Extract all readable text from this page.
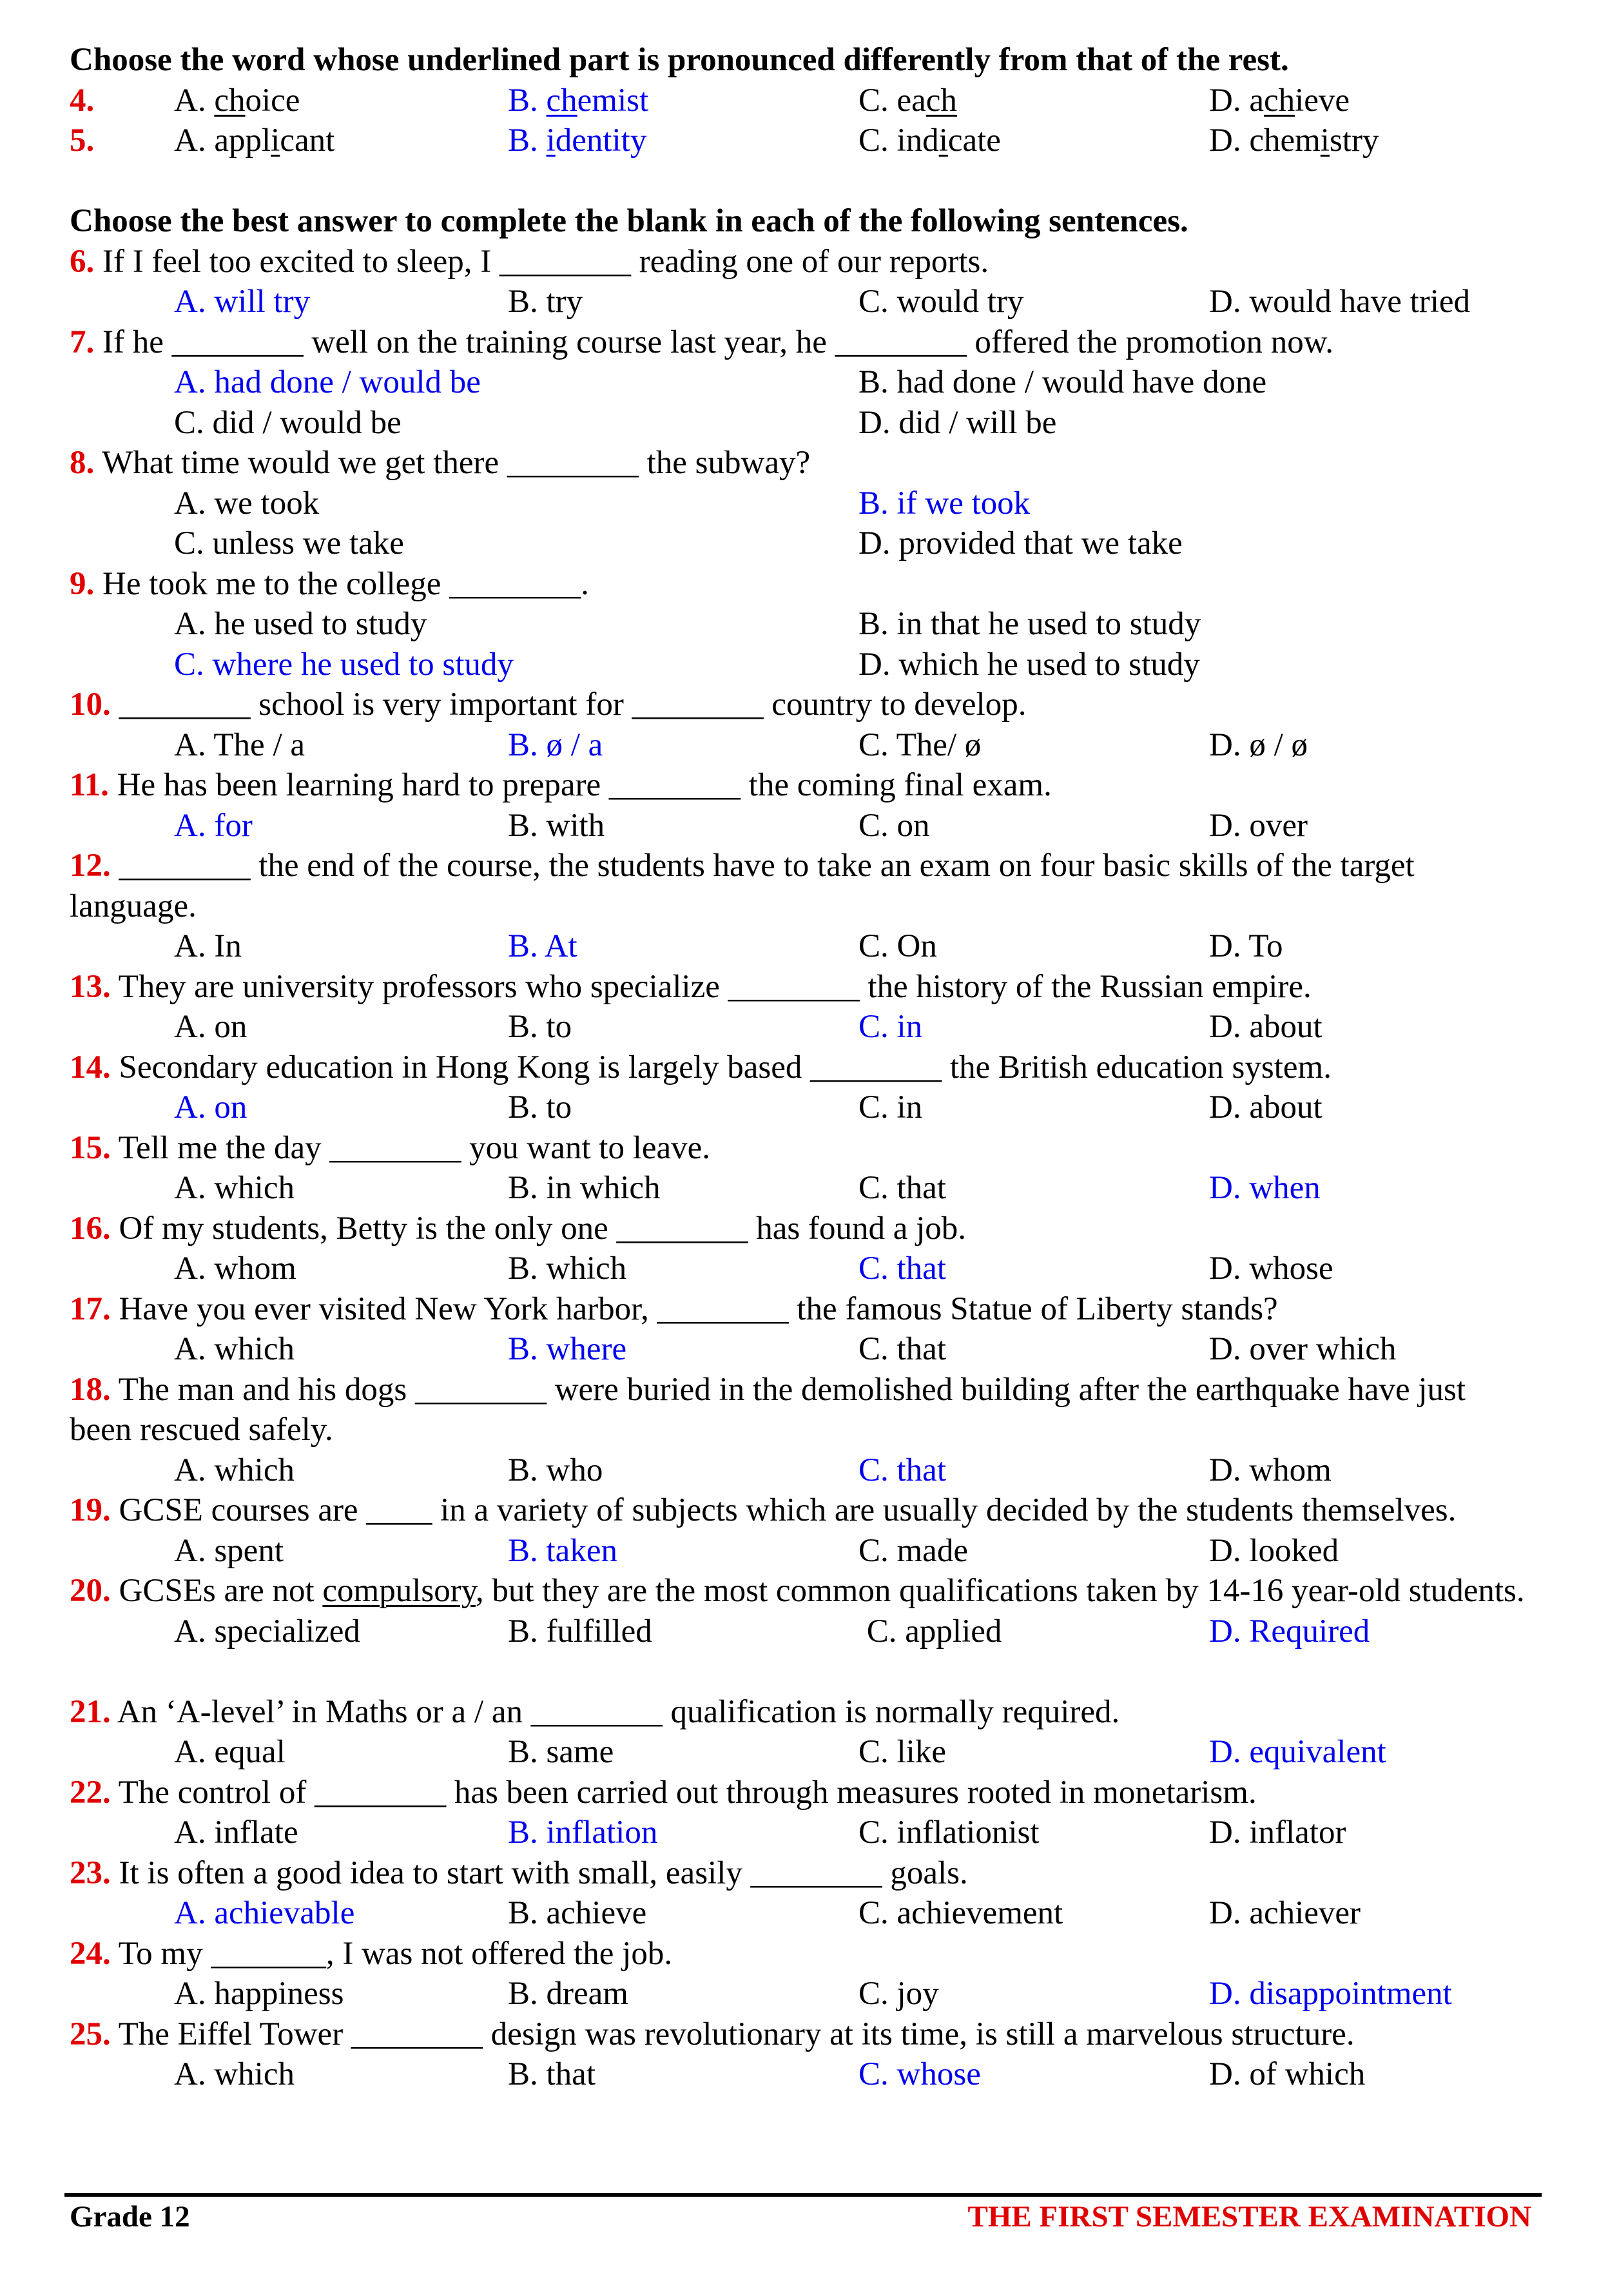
Choose the word whose underlined part is pronounced differently from that of the rest.

4.

A. choice

	B. chemist

	C. each

	D. achieve

5.

A. applicant

	B. identity

	C. indicate

	D. chemistry

Choose the best answer to complete the blank in each of the following sentences.
6. If I feel too excited to sleep, I ________ reading one of our reports.

A. will try

	B. try

	C. would try

	D. would have tried

7. If he ________ well on the training course last year, he ________ offered the promotion now.

A. had done / would be

	B. had done / would have done

C. did / would be

	D. did / will be

8. What time would we get there ________ the subway?

A. we took

	B. if we took

C. unless we take

	D. provided that we take

9. He took me to the college ________.

A. he used to study

	B. in that he used to study

C. where he used to study

	D. which he used to study

10. ________ school is very important for ________ country to develop.

A. The / a

	B. ø / a

	C. The/ ø

	D. ø / ø

11. He has been learning hard to prepare ________ the coming final exam.

A. for

	B. with

	C. on

	D. over

12. ________ the end of the course, the students have to take an exam on four basic skills of the target language.

A. In

	B. At

	C. On

	D. To

13. They are university professors who specialize ________ the history of the Russian empire.

A. on

	B. to

	C. in

	D. about

14. Secondary education in Hong Kong is largely based ________ the British education system.

A. on

	B. to

	C. in

	D. about

15. Tell me the day ________ you want to leave.

A. which

	B. in which

	C. that

	D. when

16. Of my students, Betty is the only one ________ has found a job.

A. whom

	B. which

	C. that

	D. whose

17. Have you ever visited New York harbor, ________ the famous Statue of Liberty stands?

A. which

	B. where

	C. that

	D. over which

18. The man and his dogs ________ were buried in the demolished building after the earthquake have just been rescued safely.

A. which

	B. who

	C. that

	D. whom

19. GCSE courses are ____ in a variety of subjects which are usually decided by the students themselves.

A. spent

	B. taken

	C. made

	D. looked

20. GCSEs are not compulsory, but they are the most common qualifications taken by 14-16 year-old students.

A. specialized

	B. fulfilled

	C. applied

	D. Required

21. An ‘A-level’ in Maths or a / an ________ qualification is normally required.

A. equal

	B. same

	C. like

	D. equivalent

22. The control of ________ has been carried out through measures rooted in monetarism.

A. inflate

	B. inflation

	C. inflationist

	D. inflator

23. It is often a good idea to start with small, easily ________ goals.

A. achievable

	B. achieve

	C. achievement

	D. achiever

24. To my _______, I was not offered the job.

A. happiness

	B. dream

	C. joy

	D. disappointment

25. The Eiffel Tower ________ design was revolutionary at its time, is still a marvelous structure.

A. which

	B. that

	C. whose

	D. of which

Grade 12	THE FIRST SEMESTER EXAMINATION
